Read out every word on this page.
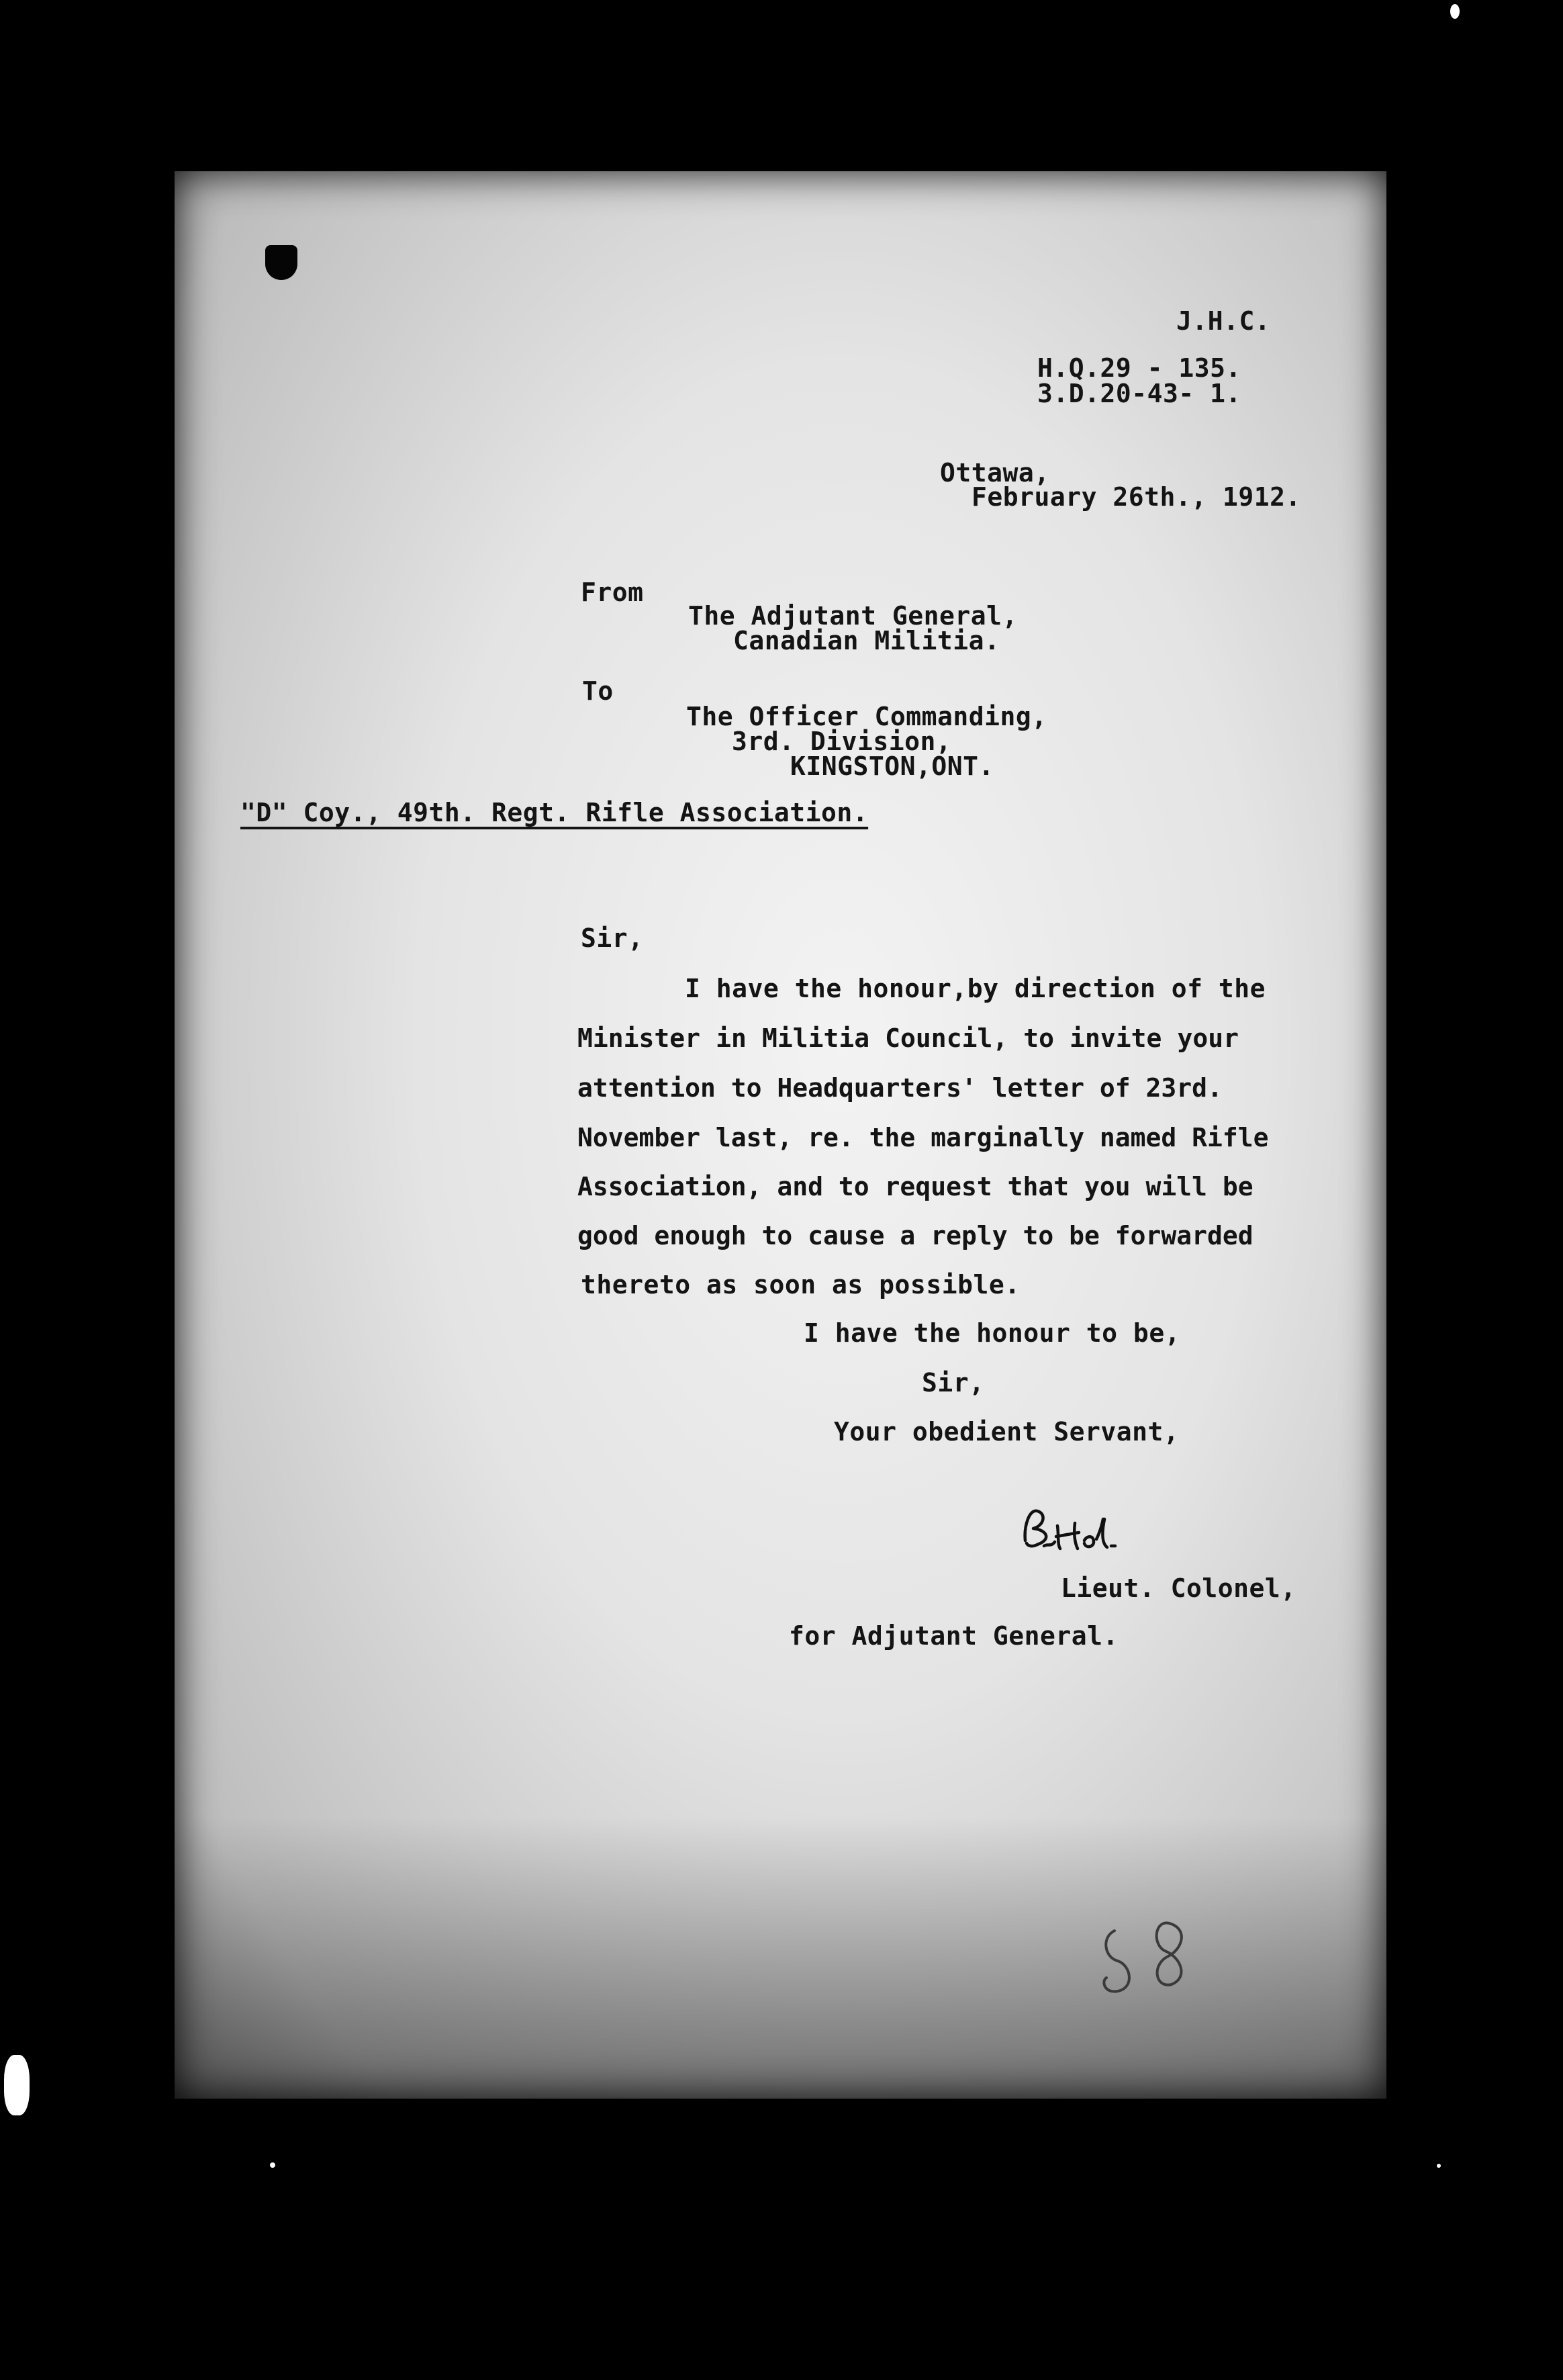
J.H.C.
H.Q.29 - 135.
3.D.20-43- 1.
Ottawa,
February 26th., 1912.
From
The Adjutant General,
Canadian Militia.
To
The Officer Commanding,
3rd. Division,
KINGSTON,ONT.
"D" Coy., 49th. Regt. Rifle Association.
Sir,
I have the honour,by direction of the
Minister in Militia Council, to invite your
attention to Headquarters' letter of 23rd.
November last, re. the marginally named Rifle
Association, and to request that you will be
good enough to cause a reply to be forwarded
thereto as soon as possible.
I have the honour to be,
Sir,
Your obedient Servant,
B.H.d.
Lieut. Colonel,
for Adjutant General.
58
